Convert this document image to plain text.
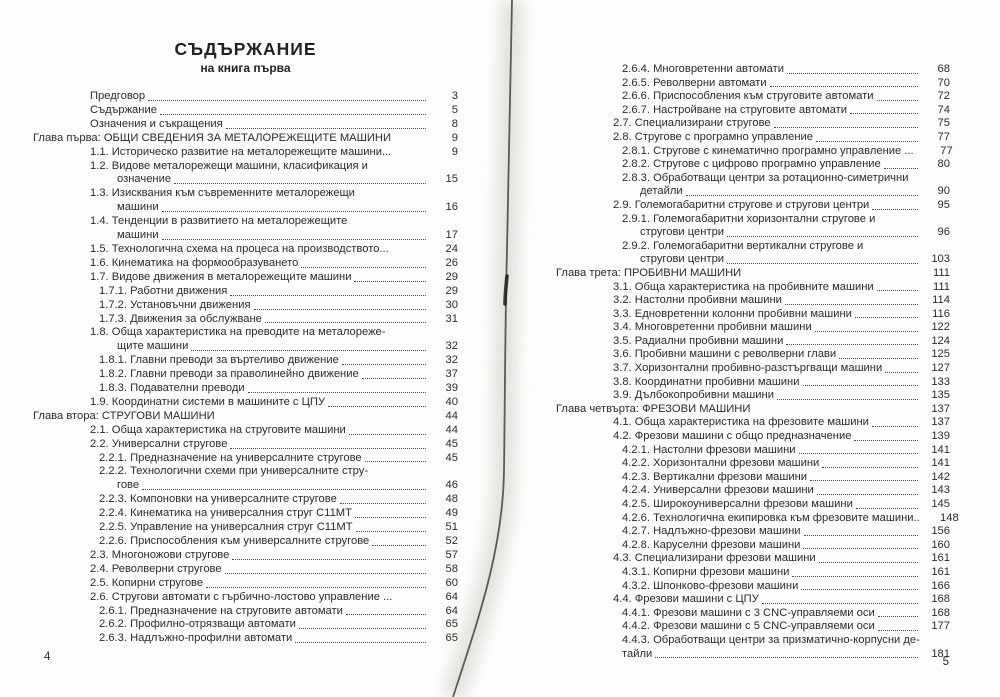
СЪДЪРЖАНИЕ
на книга първа
Предговор	3
Съдържание	5
Означения и съкращения	8
Глава първа: ОБЩИ СВЕДЕНИЯ ЗА МЕТАЛОРЕЖЕЩИТЕ МАШИНИ	9
1.1. Историческо развитие на металорежещите машини...	9
1.2. Видове металорежещи машини, класификация и
означение	15
1.3. Изисквания към съвременните металорежещи
машини	16
1.4. Тенденции в развитието на металорежещите
машини	17
1.5. Технологична схема на процеса на производството...	24
1.6. Кинематика на формообразуването	26
1.7. Видове движения в металорежещите машини	29
1.7.1. Работни движения	29
1.7.2. Установъчни движения	30
1.7.3. Движения за обслужване	31
1.8. Обща характеристика на преводите на металореже-
щите машини	32
1.8.1. Главни преводи за въртеливо движение	32
1.8.2. Главни преводи за праволинейно движение	37
1.8.3. Подавателни преводи	39
1.9. Координатни системи в машините с ЦПУ	40
Глава втора: СТРУГОВИ МАШИНИ	44
2.1. Обща характеристика на струговите машини	44
2.2. Универсални стругове	45
2.2.1. Предназначение на универсалните стругове	45
2.2.2. Технологични схеми при универсалните стру-
гове	46
2.2.3. Компоновки на универсалните стругове	48
2.2.4. Кинематика на универсалния струг С11МТ	49
2.2.5. Управление на универсалния струг С11МТ	51
2.2.6. Приспособления към универсалните стругове	52
2.3. Многоножови стругове	57
2.4. Револверни стругове	58
2.5. Копирни стругове	60
2.6. Стругови автомати с гърбично-лостово управление ...	64
2.6.1. Предназначение на струговите автомати	64
2.6.2. Профилно-отрязващи автомати	65
2.6.3. Надлъжно-профилни автомати	65
2.6.4. Многовретенни автомати	68
2.6.5. Револверни автомати	70
2.6.6. Приспособления към струговите автомати	72
2.6.7. Настройване на струговите автомати	74
2.7. Специализирани стругове	75
2.8. Стругове с програмно управление	77
2.8.1. Стругове с кинематично програмно управление ...	77
2.8.2. Стругове с цифрово програмно управление	80
2.8.3. Обработващи центри за ротационно-симетрични
детайли	90
2.9. Големогабаритни стругове и стругови центри	95
2.9.1. Големогабаритни хоризонтални стругове и
стругови центри	96
2.9.2. Големогабаритни вертикални стругове и
стругови центри	103
Глава трета: ПРОБИВНИ МАШИНИ	111
3.1. Обща характеристика на пробивните машини	111
3.2. Настолни пробивни машини	114
3.3. Едновретенни колонни пробивни машини	116
3.4. Многовретенни пробивни машини	122
3.5. Радиални пробивни машини	124
3.6. Пробивни машини с револверни глави	125
3.7. Хоризонтални пробивно-разстъргващи машини	127
3.8. Координатни пробивни машини	133
3.9. Дълбокопробивни машини	135
Глава четвърта: ФРЕЗОВИ МАШИНИ	137
4.1. Обща характеристика на фрезовите машини	137
4.2. Фрезови машини с общо предназначение	139
4.2.1. Настолни фрезови машини	141
4.2.2. Хоризонтални фрезови машини	141
4.2.3. Вертикални фрезови машини	142
4.2.4. Универсални фрезови машини	143
4.2.5. Широкоуниверсални фрезови машини	145
4.2.6. Технологична екипировка към фрезовите машини..	148
4.2.7. Надлъжно-фрезови машини	156
4.2.8. Каруселни фрезови машини	160
4.3. Специализирани фрезови машини	161
4.3.1. Копирни фрезови машини	161
4.3.2. Шпонково-фрезови машини	166
4.4. Фрезови машини с ЦПУ	168
4.4.1. Фрезови машини с 3 CNC-управляеми оси	168
4.4.2. Фрезови машини с 5 CNC-управляеми оси	177
4.4.3. Обработващи центри за призматично-корпусни де-
тайли	181
4	5
